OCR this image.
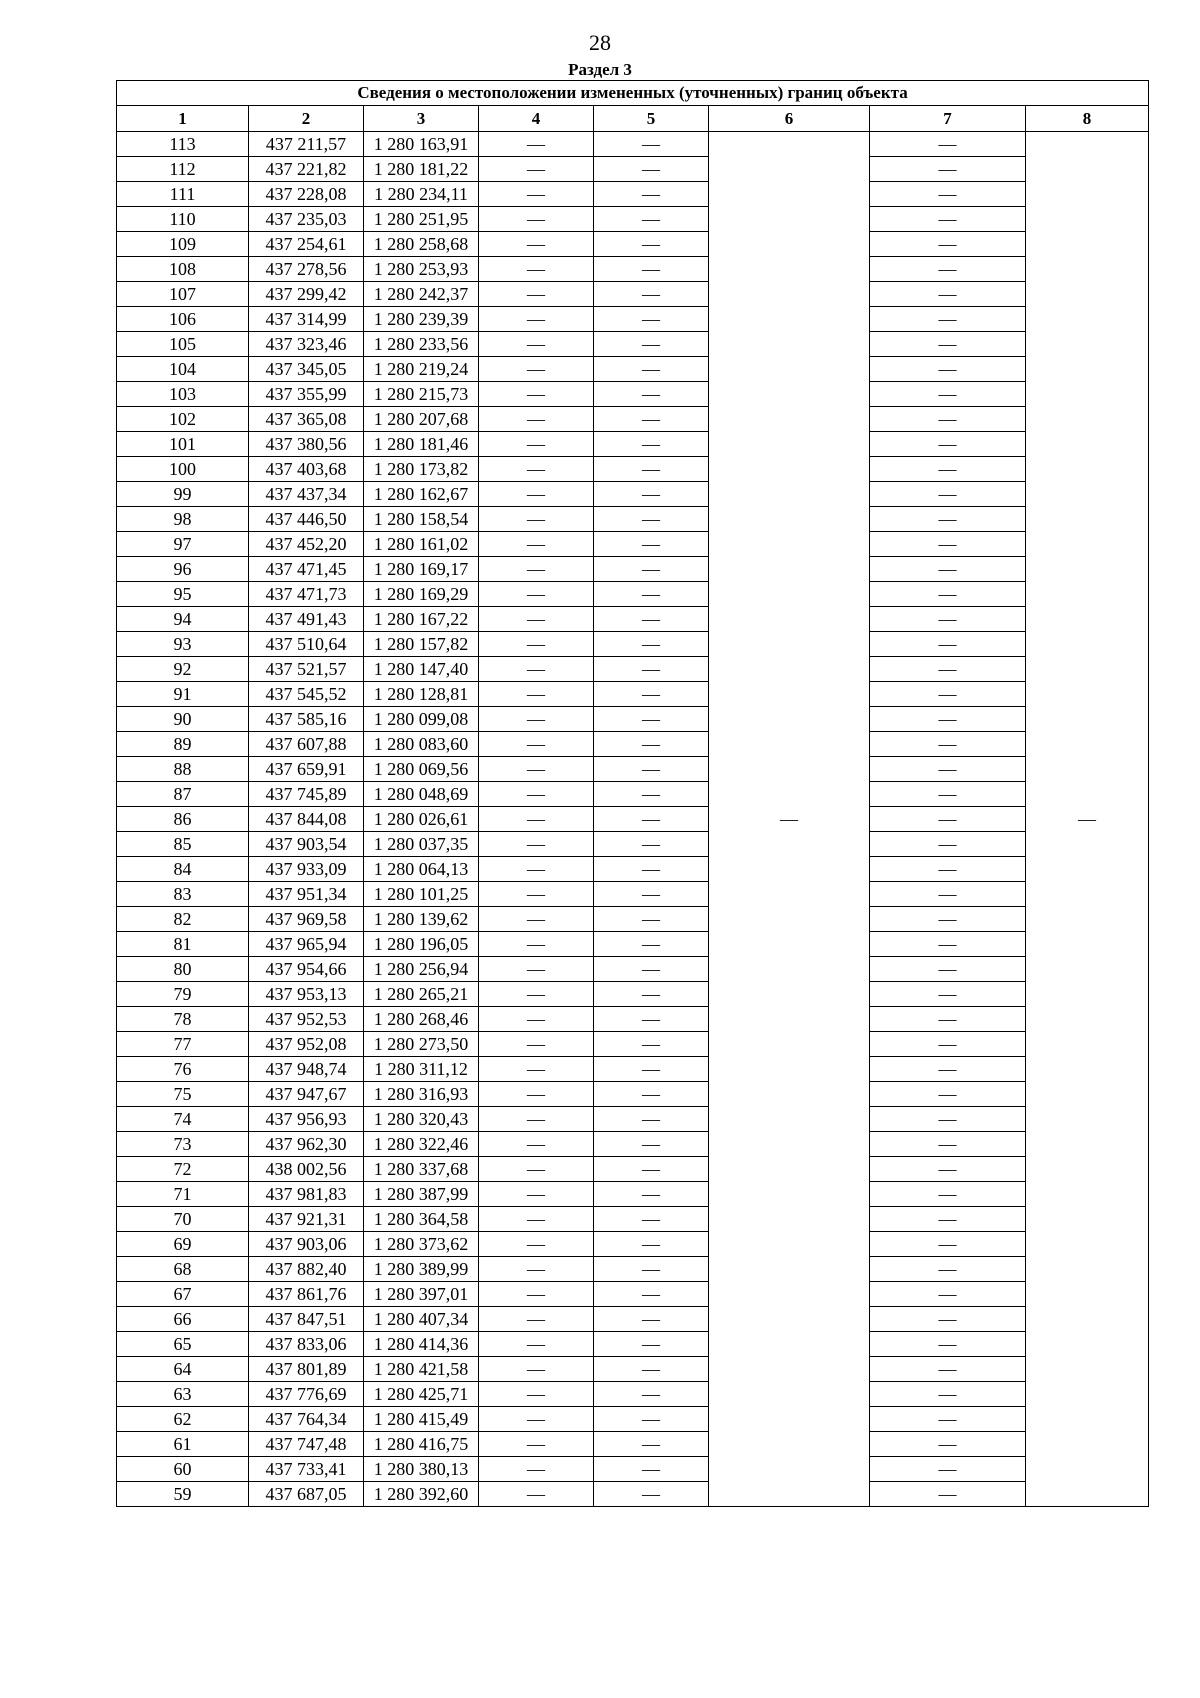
28
Раздел 3
Сведения о местоположении измененных (уточненных) границ объекта							
1	2	3	4	5	6	7	8
113	437 211,57	1 280 163,91	—	—	—	—	—
112	437 221,82	1 280 181,22	—	—		—	
111	437 228,08	1 280 234,11	—	—		—	
110	437 235,03	1 280 251,95	—	—		—	
109	437 254,61	1 280 258,68	—	—		—	
108	437 278,56	1 280 253,93	—	—		—	
107	437 299,42	1 280 242,37	—	—		—	
106	437 314,99	1 280 239,39	—	—		—	
105	437 323,46	1 280 233,56	—	—		—	
104	437 345,05	1 280 219,24	—	—		—	
103	437 355,99	1 280 215,73	—	—		—	
102	437 365,08	1 280 207,68	—	—		—	
101	437 380,56	1 280 181,46	—	—		—	
100	437 403,68	1 280 173,82	—	—		—	
99	437 437,34	1 280 162,67	—	—		—	
98	437 446,50	1 280 158,54	—	—		—	
97	437 452,20	1 280 161,02	—	—		—	
96	437 471,45	1 280 169,17	—	—		—	
95	437 471,73	1 280 169,29	—	—		—	
94	437 491,43	1 280 167,22	—	—		—	
93	437 510,64	1 280 157,82	—	—		—	
92	437 521,57	1 280 147,40	—	—		—	
91	437 545,52	1 280 128,81	—	—		—	
90	437 585,16	1 280 099,08	—	—		—	
89	437 607,88	1 280 083,60	—	—		—	
88	437 659,91	1 280 069,56	—	—		—	
87	437 745,89	1 280 048,69	—	—		—	
86	437 844,08	1 280 026,61	—	—		—	
85	437 903,54	1 280 037,35	—	—		—	
84	437 933,09	1 280 064,13	—	—		—	
83	437 951,34	1 280 101,25	—	—		—	
82	437 969,58	1 280 139,62	—	—		—	
81	437 965,94	1 280 196,05	—	—		—	
80	437 954,66	1 280 256,94	—	—		—	
79	437 953,13	1 280 265,21	—	—		—	
78	437 952,53	1 280 268,46	—	—		—	
77	437 952,08	1 280 273,50	—	—		—	
76	437 948,74	1 280 311,12	—	—		—	
75	437 947,67	1 280 316,93	—	—		—	
74	437 956,93	1 280 320,43	—	—		—	
73	437 962,30	1 280 322,46	—	—		—	
72	438 002,56	1 280 337,68	—	—		—	
71	437 981,83	1 280 387,99	—	—		—	
70	437 921,31	1 280 364,58	—	—		—	
69	437 903,06	1 280 373,62	—	—		—	
68	437 882,40	1 280 389,99	—	—		—	
67	437 861,76	1 280 397,01	—	—		—	
66	437 847,51	1 280 407,34	—	—		—	
65	437 833,06	1 280 414,36	—	—		—	
64	437 801,89	1 280 421,58	—	—		—	
63	437 776,69	1 280 425,71	—	—		—	
62	437 764,34	1 280 415,49	—	—		—	
61	437 747,48	1 280 416,75	—	—		—	
60	437 733,41	1 280 380,13	—	—		—	
59	437 687,05	1 280 392,60	—	—		—	
